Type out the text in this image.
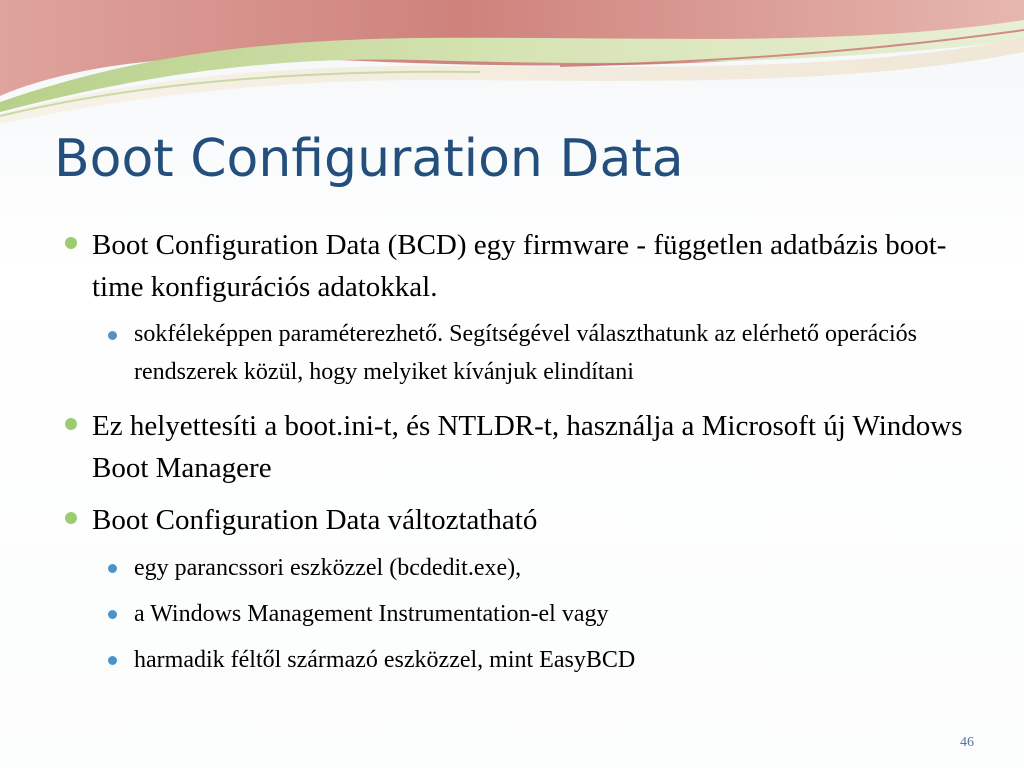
Boot Configuration Data
Boot Configuration Data (BCD) egy firmware - független adatbázis boot-time konfigurációs adatokkal.
sokféleképpen paraméterezhető. Segítségével választhatunk az elérhető operációs rendszerek közül, hogy melyiket kívánjuk elindítani
Ez helyettesíti a boot.ini-t, és NTLDR-t, használja a Microsoft új Windows Boot Managere
Boot Configuration Data változtatható
egy parancssori eszközzel (bcdedit.exe),
a Windows Management Instrumentation-el vagy
harmadik féltől származó eszközzel, mint EasyBCD
46
